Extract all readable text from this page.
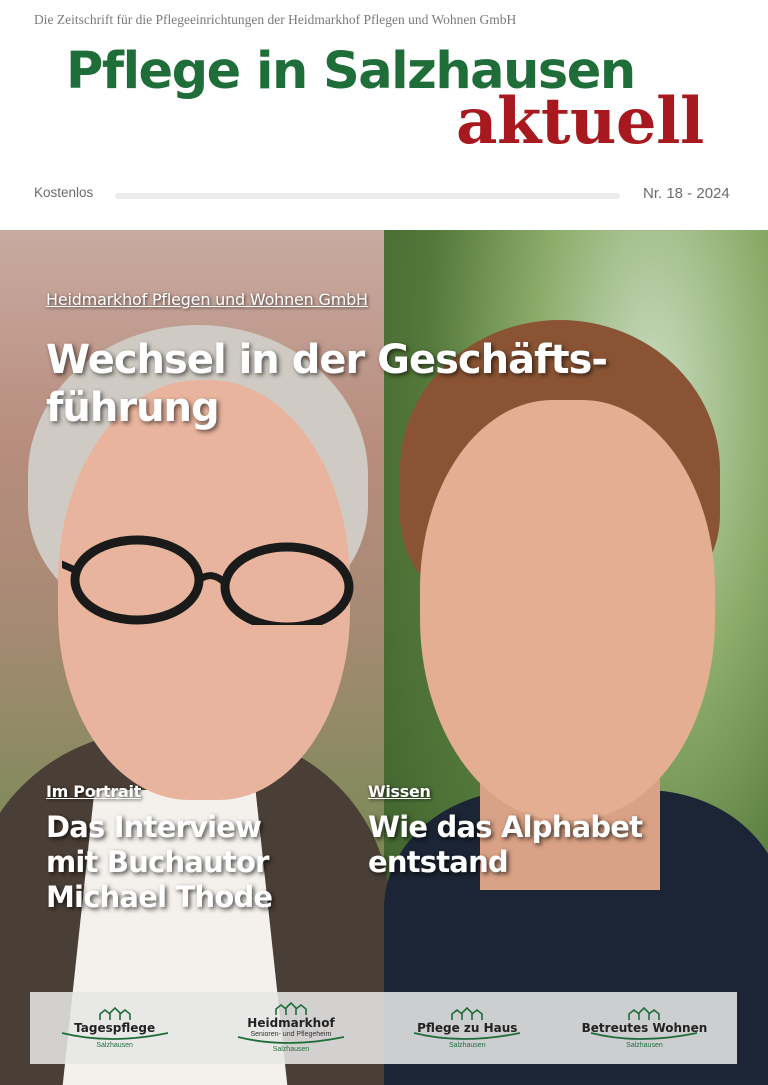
Die Zeitschrift für die Pflegeeinrichtungen der Heidmarkhof Pflegen und Wohnen GmbH
Pflege in Salzhausen
aktuell
Kostenlos	Nr. 18 - 2024
Heidmarkhof Pflegen und Wohnen GmbH
Wechsel in der Geschäfts-
führung
Im Portrait
Das Interview
mit Buchautor
Michael Thode
Wissen
Wie das Alphabet
entstand
Tagespflege
Salzhausen
Heidmarkhof
Senioren- und Pflegeheim
Salzhausen
Pflege zu Haus
Salzhausen
Betreutes Wohnen
Salzhausen
